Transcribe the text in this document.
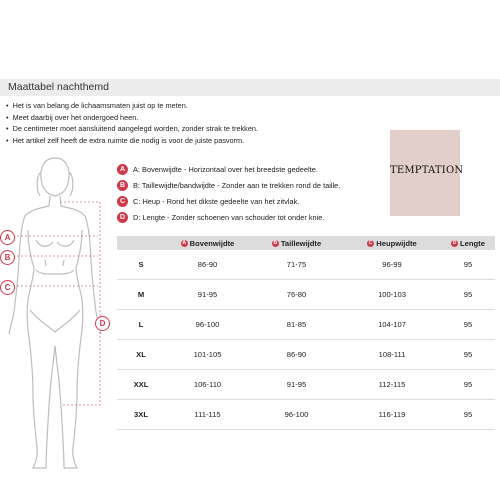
Maattabel nachthemd
• Het is van belang de lichaamsmaten juist op te meten.
• Meet daarbij over het ondergoed heen.
• De centimeter moet aansluitend aangelegd worden, zonder strak te trekken.
• Het artikel zelf heeft de extra ruimte die nodig is voor de juiste pasvorm.
TEMPTATION
A
B
C
D
A	A: Bovenwijdte - Horizontaal over het breedste gedeelte.
B	B: Taillewijdte/bandwijdte - Zonder aan te trekken rond de taille.
C	C: Heup - Rond het dikste gedeelte van het zitvlak.
D	D: Lengte - Zonder schoenen van schouder tot onder knie.
A Bovenwijdte	B Taillewijdte	C Heupwijdte	D Lengte
S	86-90	71-75	96-99	95
M	91-95	76-80	100-103	95
L	96-100	81-85	104-107	95
XL	101-105	86-90	108-111	95
XXL	106-110	91-95	112-115	95
3XL	111-115	96-100	116-119	95
